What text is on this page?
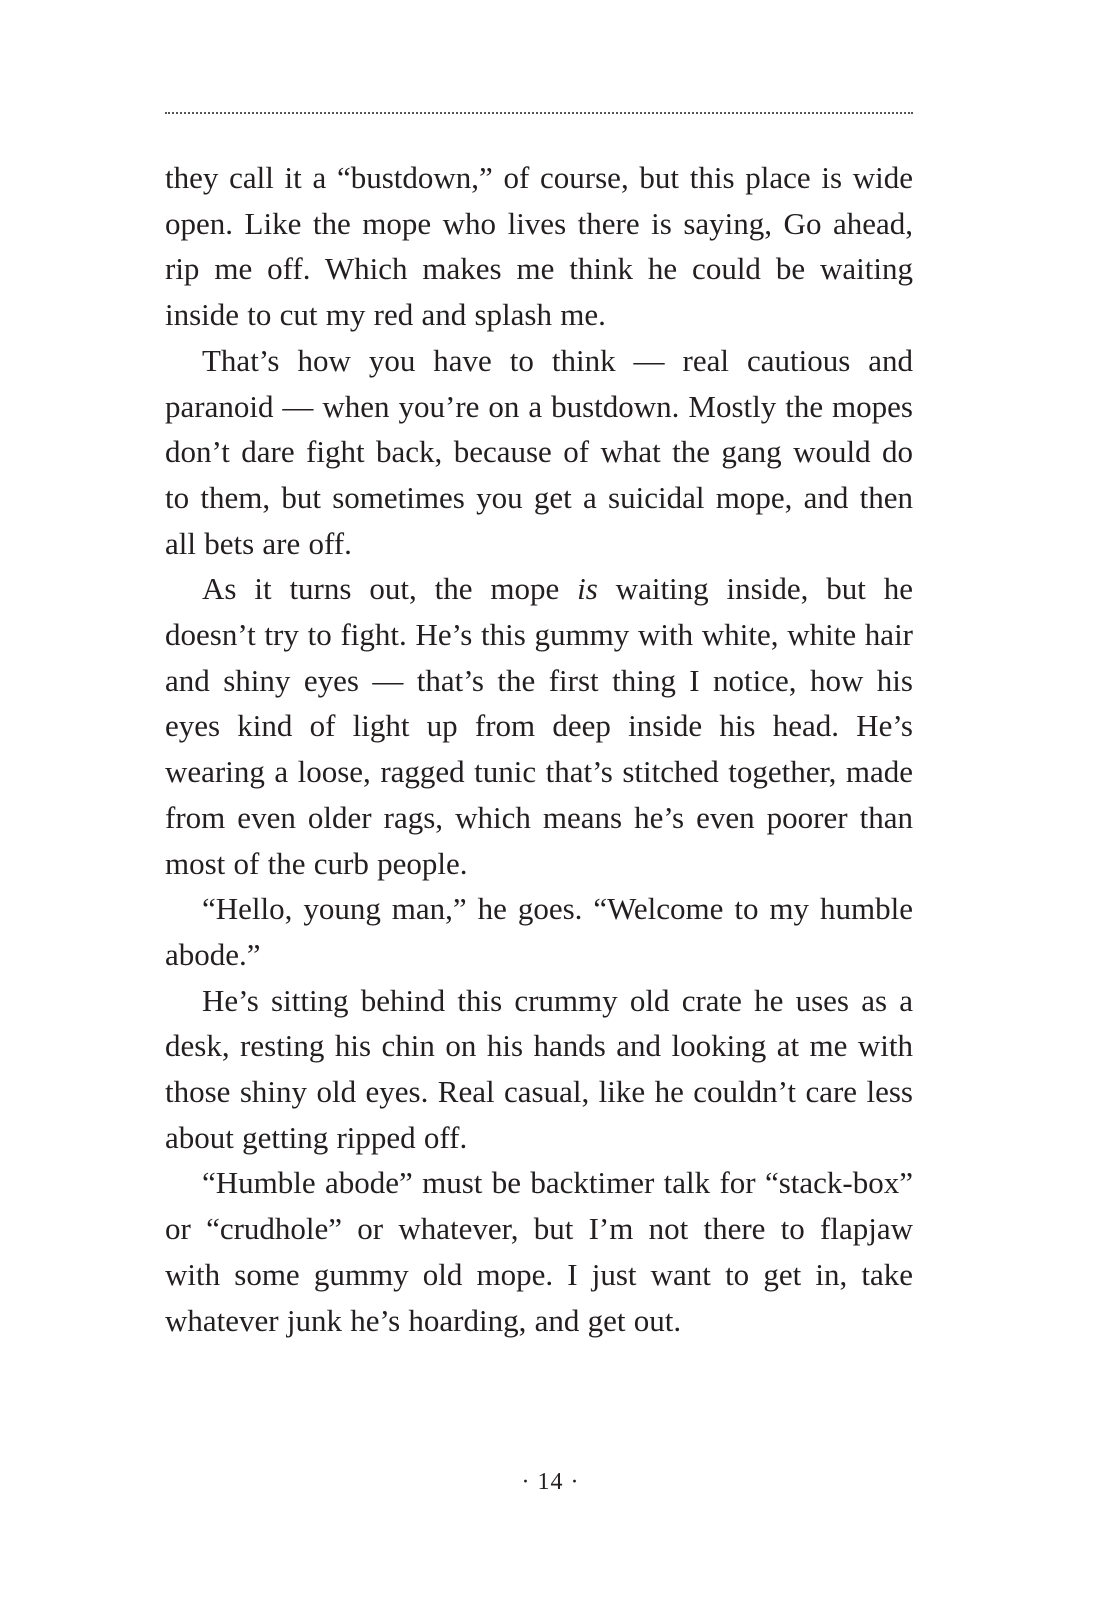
they call it a “bustdown,” of course, but this place is wide open. Like the mope who lives there is saying, Go ahead, rip me off. Which makes me think he could be waiting inside to cut my red and splash me.

That’s how you have to think — real cautious and paranoid — when you’re on a bustdown. Mostly the mopes don’t dare fight back, because of what the gang would do to them, but sometimes you get a suicidal mope, and then all bets are off.

As it turns out, the mope is waiting inside, but he doesn’t try to fight. He’s this gummy with white, white hair and shiny eyes — that’s the first thing I notice, how his eyes kind of light up from deep inside his head. He’s wearing a loose, ragged tunic that’s stitched together, made from even older rags, which means he’s even poorer than most of the curb people.

“Hello, young man,” he goes. “Welcome to my humble abode.”

He’s sitting behind this crummy old crate he uses as a desk, resting his chin on his hands and looking at me with those shiny old eyes. Real casual, like he couldn’t care less about getting ripped off.

“Humble abode” must be backtimer talk for “stack-box” or “crudhole” or whatever, but I’m not there to flapjaw with some gummy old mope. I just want to get in, take whatever junk he’s hoarding, and get out.

· 14 ·
